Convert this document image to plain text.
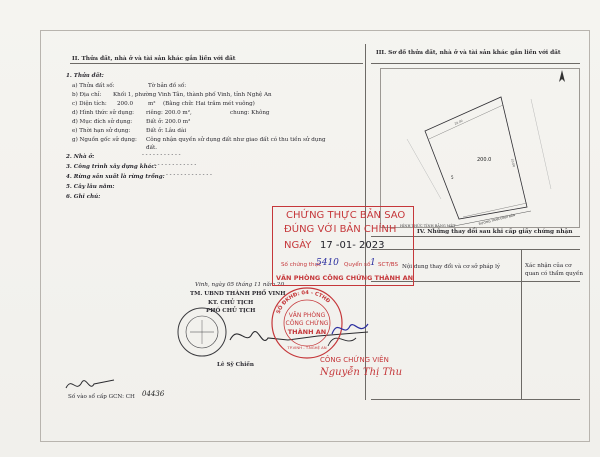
II. Thửa đất, nhà ở và tài sản khác gắn liền với đất
1. Thửa đất:
a) Thửa đất số:	Tờ bản đồ số:
b) Địa chỉ: Khối 1, phường Vinh Tân, thành phố Vinh, tỉnh Nghệ An
c) Diện tích: 200.0	m² (Bằng chữ: Hai trăm mét vuông)
d) Hình thức sử dụng: riêng: 200.0 m²,	chung: Không
đ) Mục đích sử dụng: Đất ở: 200.0 m²
e) Thời hạn sử dụng:	Đất ở: Lâu dài
g) Nguồn gốc sử dụng: Công nhận quyền sử dụng đất như giao đất có thu tiền sử dụng
đất.
2. Nhà ở:	- - - - - - - - - - -
3. Công trình xây dựng khác:
- - - - - - - - - - - -
4. Rừng sản xuất là rừng trồng: - - - - - - - - - - - - -
5. Cây lâu năm:
6. Ghi chú:
III. Sơ đồ thửa đất, nhà ở và tài sản khác gắn liền với đất
200.0
5
ĐƯỜNG TRẦN ĐÌNH BẢN
20.00
10.00
HÌNH THỨC TÍNH BẰNG MÉT
IV. Những thay đổi sau khi cấp giấy chứng nhận
Nội dung thay đổi và cơ sở pháp lý	Xác nhận của cơ quan có thẩm quyền
Vinh, ngày 05 tháng 11 năm 20
TM. UBND THÀNH PHỐ VINH
KT. CHỦ TỊCH
PHÓ CHỦ TỊCH
Lê Sỹ Chiến
Số vào sổ cấp GCN: CH 04436
CHỨNG THỰC BẢN SAO
ĐÚNG VỚI BẢN CHÍNH
NGÀY 17 -01- 2023
Số chứng thực
5410 Quyển số 1 SCT/BS
VĂN PHÒNG CÔNG CHỨNG THÀNH AN
SỐ ĐKHĐ: 04 - CTHĐ
VĂN PHÒNG
CÔNG CHỨNG
THÀNH AN
TP.VINH - T.NGHỆ AN
CÔNG CHỨNG VIÊN
Nguyễn Thị Thu
